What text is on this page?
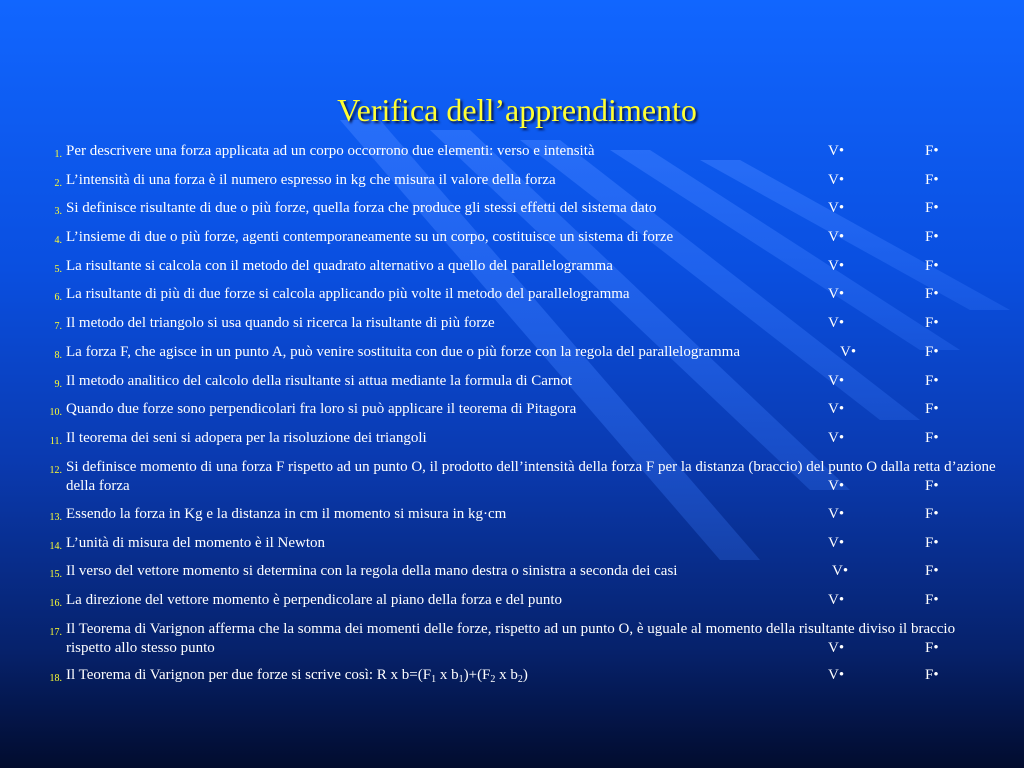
Verifica dell’apprendimento
1. Per descrivere una forza applicata ad un corpo occorrono due elementi: verso e intensità	V•	F•
2. L’intensità di una forza è il numero espresso in kg che misura il valore della forza	V•	F•
3. Si definisce risultante di due o più forze, quella forza che produce gli stessi effetti del sistema dato	V•	F•
4. L’insieme di due o più forze, agenti contemporaneamente su un corpo, costituisce un sistema di forze	V•	F•
5. La risultante si calcola con il metodo del quadrato alternativo a quello del parallelogramma	V•	F•
6. La risultante di più di due forze si calcola applicando più volte il metodo del parallelogramma	V•	F•
7. Il metodo del triangolo si usa quando si ricerca la risultante di più forze	V•	F•
8. La forza F, che agisce in un punto A, può venire sostituita con due o più forze con la regola del parallelogramma	V•	F•
9. Il metodo analitico del calcolo della risultante si attua mediante la formula di Carnot	V•	F•
10. Quando due forze sono perpendicolari fra loro si può applicare il teorema di Pitagora	V•	F•
11. Il teorema dei seni si adopera per la risoluzione dei triangoli	V•	F•
12. Si definisce momento di una forza F rispetto ad un punto O, il prodotto dell’intensità della forza F per la distanza (braccio) del punto O dalla retta d’azione della forza	V•	F•
13. Essendo la forza in Kg e la distanza in cm il momento si misura in kg·cm	V•	F•
14. L’unità di misura del momento è il Newton	V•	F•
15. Il verso del vettore momento si determina con la regola della mano destra o sinistra a seconda dei casi	V•	F•
16. La direzione del vettore momento è perpendicolare al piano della forza e del punto	V•	F•
17. Il Teorema di Varignon afferma che la somma dei momenti delle forze, rispetto ad un punto O, è uguale al momento della risultante diviso il braccio rispetto allo stesso punto	V•	F•
18. Il Teorema di Varignon per due forze si scrive così: R x $b=(F_1$ x $b_1)+(F_2$ x $b_2$)	V•	F•
